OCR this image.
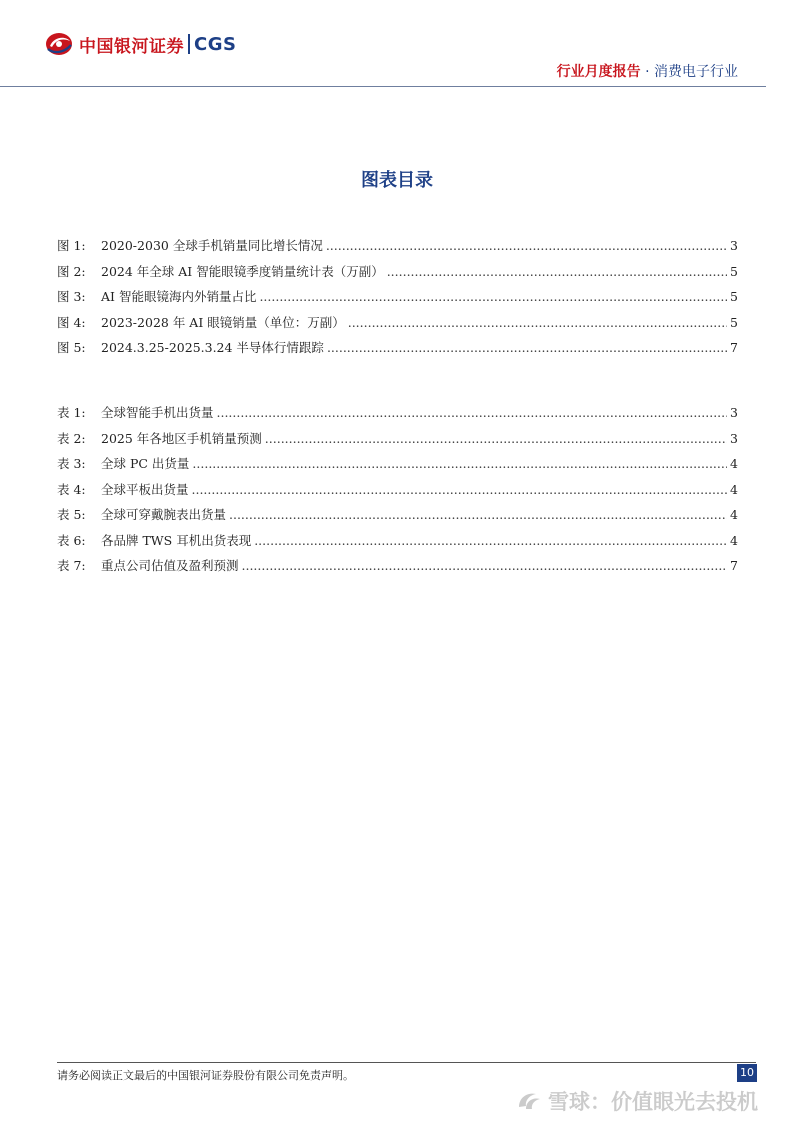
中国银河证券 CGS
行业月度报告 · 消费电子行业
图表目录
图 1:	2020-2030 全球手机销量同比增长情况 .....	3
图 2:	2024 年全球 AI 智能眼镜季度销量统计表（万副） .....	5
图 3:	AI 智能眼镜海内外销量占比 .....	5
图 4:	2023-2028 年 AI 眼镜销量（单位：万副） .....	5
图 5:	2024.3.25-2025.3.24 半导体行情跟踪 .....	7
表 1:	全球智能手机出货量 .....	3
表 2:	2025 年各地区手机销量预测 .....	3
表 3:	全球 PC 出货量 .....	4
表 4:	全球平板出货量 .....	4
表 5:	全球可穿戴腕表出货量 .....	4
表 6:	各品牌 TWS 耳机出货表现 .....	4
表 7:	重点公司估值及盈利预测 .....	7
请务必阅读正文最后的中国银河证券股份有限公司免责声明。	10
雪球：价值眼光去投机
